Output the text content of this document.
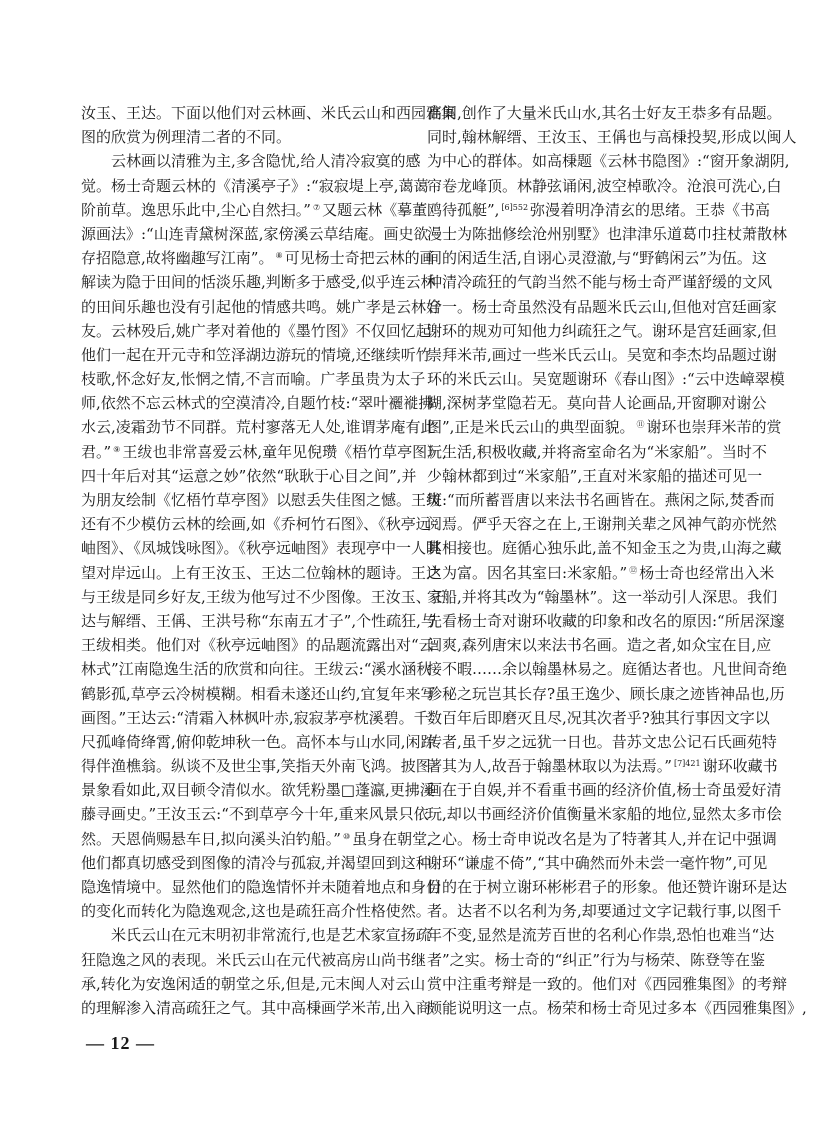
汝玉、王达。下面以他们对云林画、米氏云山和西园雅集
图的欣赏为例理清二者的不同。
云林画以清雅为主,多含隐忧,给人清冷寂寞的感
觉。杨士奇题云林的《清溪亭子》:“寂寂堤上亭,蔼蔼
阶前草。逸思乐此中,尘心自然扫。” ⑦ 又题云林《摹董
源画法》:“山连青黛树深蓝,家傍溪云草结庵。画史欲
存招隐意,故将幽趣写江南”。 ⑧ 可见杨士奇把云林的画
解读为隐于田间的恬淡乐趣,判断多于感受,似乎连云林
的田间乐趣也没有引起他的情感共鸣。姚广孝是云林好
友。云林殁后,姚广孝对着他的《墨竹图》不仅回忆起
他们一起在开元寺和笠泽湖边游玩的情境,还继续听竹
枝歌,怀念好友,怅惘之情,不言而喻。广孝虽贵为太子
师,依然不忘云林式的空漠清冷,自题竹枝:“翠叶襹褷拂
水云,凌霜劲节不同群。荒村寥落无人处,谁谓茅庵有此
君。” ⑨ 王绂也非常喜爱云林,童年见倪瓒《梧竹草亭图》,
四十年后对其“运意之妙”依然“耿耿于心目之间”,并
为朋友绘制《忆梧竹草亭图》以慰丢失佳图之憾。王绂
还有不少模仿云林的绘画,如《乔柯竹石图》、《秋亭远
岫图》、《凤城饯咏图》。《秋亭远岫图》表现亭中一人眺
望对岸远山。上有王汝玉、王达二位翰林的题诗。王达
与王绂是同乡好友,王绂为他写过不少图像。王汝玉、王
达与解缙、王偁、王洪号称“东南五才子”,个性疏狂,与
王绂相类。他们对《秋亭远岫图》的品题流露出对“云
林式”江南隐逸生活的欣赏和向往。王绂云:“溪水涵秋
鹤影孤,草亭云冷树模糊。相看未遂还山约,宜复年来写
画图。”王达云:“清霜入林枫叶赤,寂寂茅亭枕溪碧。千
尺孤峰倚绛霄,俯仰乾坤秋一色。高怀本与山水同,闲踪
得伴渔樵翁。纵谈不及世尘事,笑指天外南飞鸿。披图
景象看如此,双目顿令清似水。欲凭粉墨□蓬瀛,更拂溪
藤寻画史。”王汝玉云:“不到草亭今十年,重来风景只依
然。天恩倘赐悬车日,拟向溪头泊钓船。” ⑩ 虽身在朝堂,
他们都真切感受到图像的清冷与孤寂,并渴望回到这种
隐逸情境中。显然他们的隐逸情怀并未随着地点和身份
的变化而转化为隐逸观念,这也是疏狂高介性格使然。
米氏云山在元末明初非常流行,也是艺术家宣扬疏
狂隐逸之风的表现。米氏云山在元代被高房山尚书继
承,转化为安逸闲适的朝堂之乐,但是,元末闽人对云山
的理解渗入清高疏狂之气。其中高棅画学米芾,出入商
高间,创作了大量米氏山水,其名士好友王恭多有品题。
同时,翰林解缙、王汝玉、王偁也与高棅投契,形成以闽人
为中心的群体。如高棅题《云林书隐图》:“窗开象湖阴,
帘卷龙峰顶。林静弦诵闲,波空棹歌冷。沧浪可洗心,白
鸥待孤艇”, $^{[6]552}$ 弥漫着明净清玄的思绪。王恭《书高
漫士为陈拙修绘沧州别墅》也津津乐道葛巾拄杖萧散林
间的闲适生活,自诩心灵澄澈,与“野鹤闲云”为伍。这
种清冷疏狂的气韵当然不能与杨士奇严谨舒缓的文风
合一。杨士奇虽然没有品题米氏云山,但他对宫廷画家
谢环的规劝可知他力纠疏狂之气。谢环是宫廷画家,但
崇拜米芾,画过一些米氏云山。吴宽和李杰均品题过谢
环的米氏云山。吴宽题谢环《春山图》:“云中迭嶂翠模
糊,深树茅堂隐若无。莫向昔人论画品,开窗聊对谢公
图”,正是米氏云山的典型面貌。 ⑪ 谢环也崇拜米芾的赏
玩生活,积极收藏,并将斋室命名为“米家船”。当时不
少翰林都到过“米家船”,王直对米家船的描述可见一
斑:“而所蓄晋唐以来法书名画皆在。燕闲之际,焚香而
阅焉。俨乎天容之在上,王谢荆关辈之风神气韵亦恍然
其相接也。庭循心独乐此,盖不知金玉之为贵,山海之藏
之为富。因名其室曰:米家船。” ⑫ 杨士奇也经常出入米
家船,并将其改为“翰墨林”。这一举动引人深思。我们
先看杨士奇对谢环收藏的印象和改名的原因:“所居深邃
闿爽,森列唐宋以来法书名画。造之者,如众宝在目,应
接不暇……余以翰墨林易之。庭循达者也。凡世间奇绝
珍秘之玩岂其长存?虽王逸少、顾长康之迹皆神品也,历
数百年后即磨灭且尽,况其次者乎?独其行事因文字以
传者,虽千岁之远犹一日也。昔苏文忠公记石氏画苑特
著其为人,故吾于翰墨林取以为法焉。” $^{[7]421}$ 谢环收藏书
画在于自娱,并不看重书画的经济价值,杨士奇虽爱好清
玩,却以书画经济价值衡量米家船的地位,显然太多市侩
之心。杨士奇申说改名是为了特著其人,并在记中强调
谢环“谦虚不倚”,“其中确然而外未尝一毫忤物”,可见
目的在于树立谢环彬彬君子的形象。他还赞许谢环是达
者。达者不以名利为务,却要通过文字记载行事,以图千
年不变,显然是流芳百世的名利心作祟,恐怕也难当“达
者”之实。杨士奇的“纠正”行为与杨荣、陈登等在鉴
赏中注重考辩是一致的。他们对《西园雅集图》的考辩
颇能说明这一点。杨荣和杨士奇见过多本《西园雅集图》,
— 12 —
